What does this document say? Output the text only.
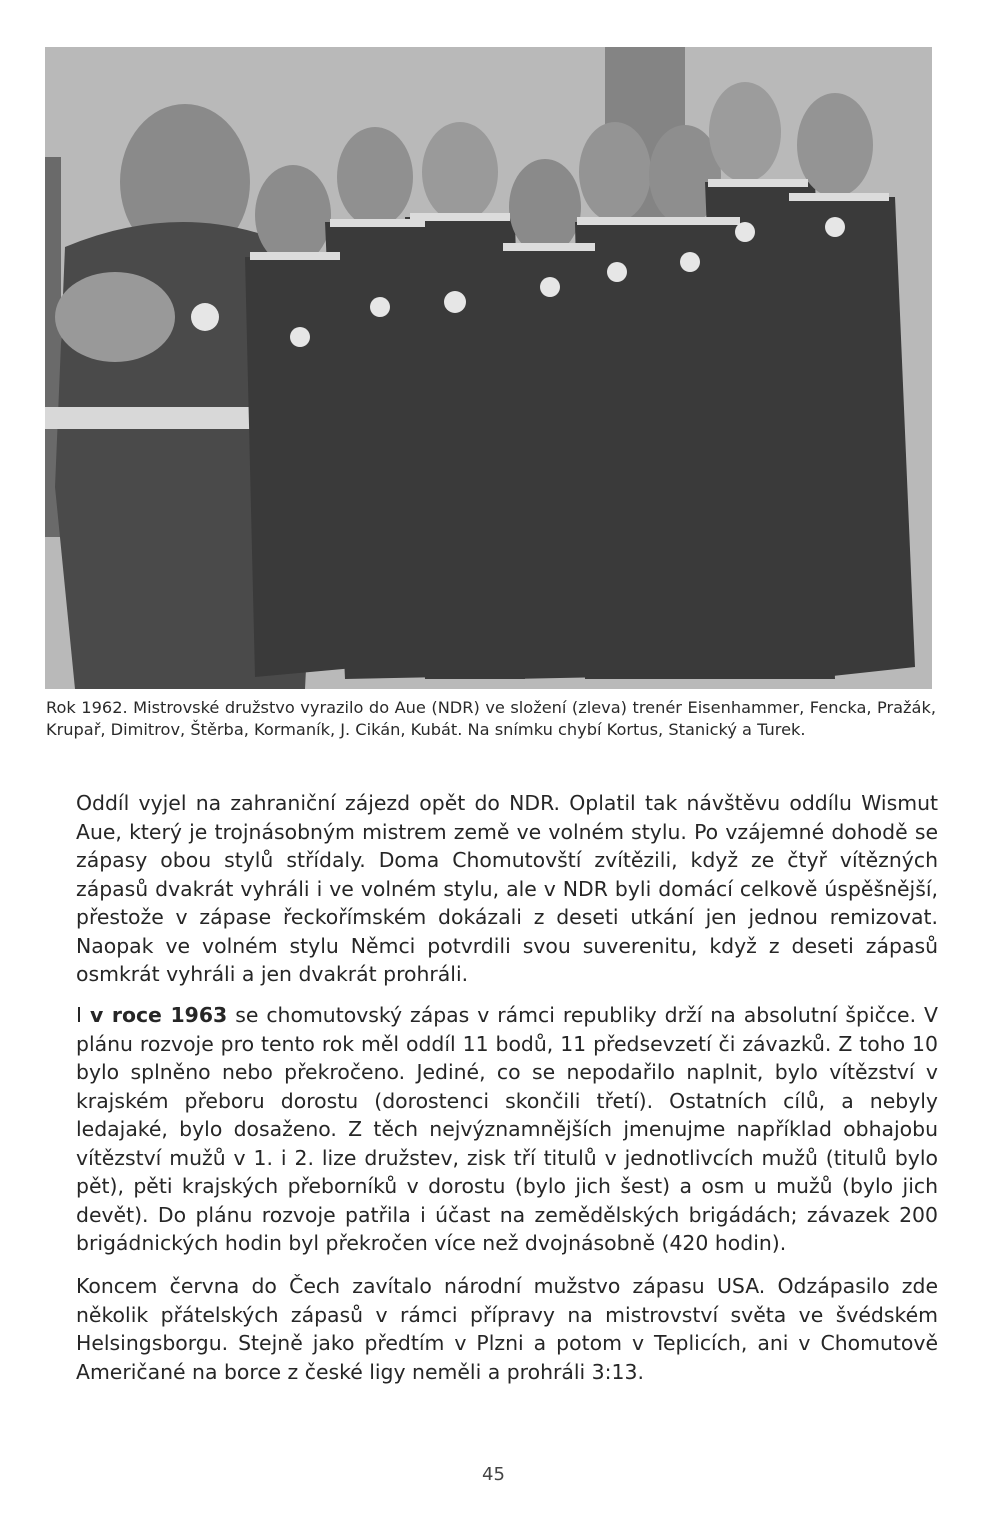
Rok 1962. Mistrovské družstvo vyrazilo do Aue (NDR) ve složení (zleva) trenér Eisenhammer, Fencka, Pražák, Krupař, Dimitrov, Štěrba, Kormaník, J. Cikán, Kubát. Na snímku chybí Kortus, Stanický a Turek.

Oddíl vyjel na zahraniční zájezd opět do NDR. Oplatil tak návštěvu oddílu Wismut Aue, který je trojnásobným mistrem země ve volném stylu. Po vzájemné dohodě se zápasy obou stylů střídaly. Doma Chomutovští zvítězili, když ze čtyř vítězných zápasů dvakrát vyhráli i ve volném stylu, ale v NDR byli domácí celkově úspěšnější, přestože v zápase řeckořímském dokázali z deseti utkání jen jednou remizovat. Naopak ve volném stylu Němci potvrdili svou suverenitu, když z deseti zápasů osmkrát vyhráli a jen dvakrát prohráli.

I v roce 1963 se chomutovský zápas v rámci republiky drží na absolutní špičce. V plánu rozvoje pro tento rok měl oddíl 11 bodů, 11 předsevzetí či závazků. Z toho 10 bylo splněno nebo překročeno. Jediné, co se nepodařilo naplnit, bylo vítězství v krajském přeboru dorostu (dorostenci skončili třetí). Ostatních cílů, a nebyly ledajaké, bylo dosaženo. Z těch nejvýznamnějších jmenujme například obhajobu vítězství mužů v 1. i 2. lize družstev, zisk tří titulů v jednotlivcích mužů (titulů bylo pět), pěti krajských přeborníků v dorostu (bylo jich šest) a osm u mužů (bylo jich devět). Do plánu rozvoje patřila i účast na zemědělských brigádách; závazek 200 brigádnických hodin byl překročen více než dvojnásobně (420 hodin).

Koncem června do Čech zavítalo národní mužstvo zápasu USA. Odzápasilo zde několik přátelských zápasů v rámci přípravy na mistrovství světa ve švédském Helsingsborgu. Stejně jako předtím v Plzni a potom v Teplicích, ani v Chomutově Američané na borce z české ligy neměli a prohráli 3:13.

45
